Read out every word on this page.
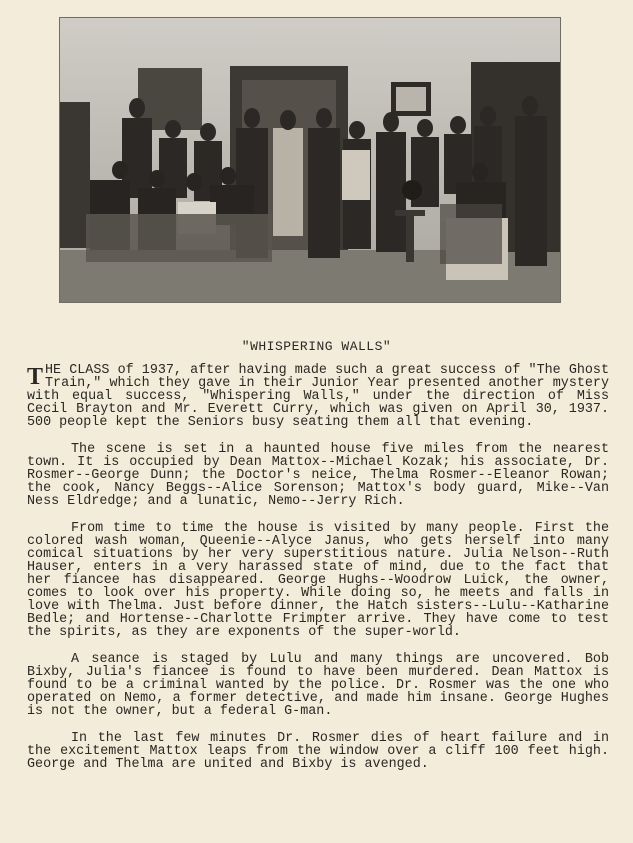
"WHISPERING WALLS"

THE CLASS of 1937, after having made such a great success of "The Ghost Train," which they gave in their Junior Year presented another mystery with equal success, "Whispering Walls," under the direction of Miss Cecil Brayton and Mr. Everett Curry, which was given on April 30, 1937. 500 people kept the Seniors busy seating them all that evening.

The scene is set in a haunted house five miles from the nearest town. It is occupied by Dean Mattox--Michael Kozak; his associate, Dr. Rosmer--George Dunn; the Doctor's neice, Thelma Rosmer--Eleanor Rowan; the cook, Nancy Beggs--Alice Sorenson; Mattox's body guard, Mike--Van Ness Eldredge; and a lunatic, Nemo--Jerry Rich.

From time to time the house is visited by many people. First the colored wash woman, Queenie--Alyce Janus, who gets herself into many comical situations by her very superstitious nature. Julia Nelson--Ruth Hauser, enters in a very harassed state of mind, due to the fact that her fiancee has disappeared. George Hughs--Woodrow Luick, the owner, comes to look over his property. While doing so, he meets and falls in love with Thelma. Just before dinner, the Hatch sisters--Lulu--Katharine Bedle; and Hortense--Charlotte Frimpter arrive. They have come to test the spirits, as they are exponents of the super-world.

A seance is staged by Lulu and many things are uncovered. Bob Bixby, Julia's fiancee is found to have been murdered. Dean Mattox is found to be a criminal wanted by the police. Dr. Rosmer was the one who operated on Nemo, a former detective, and made him insane. George Hughes is not the owner, but a federal G-man.

In the last few minutes Dr. Rosmer dies of heart failure and in the excitement Mattox leaps from the window over a cliff 100 feet high. George and Thelma are united and Bixby is avenged.
